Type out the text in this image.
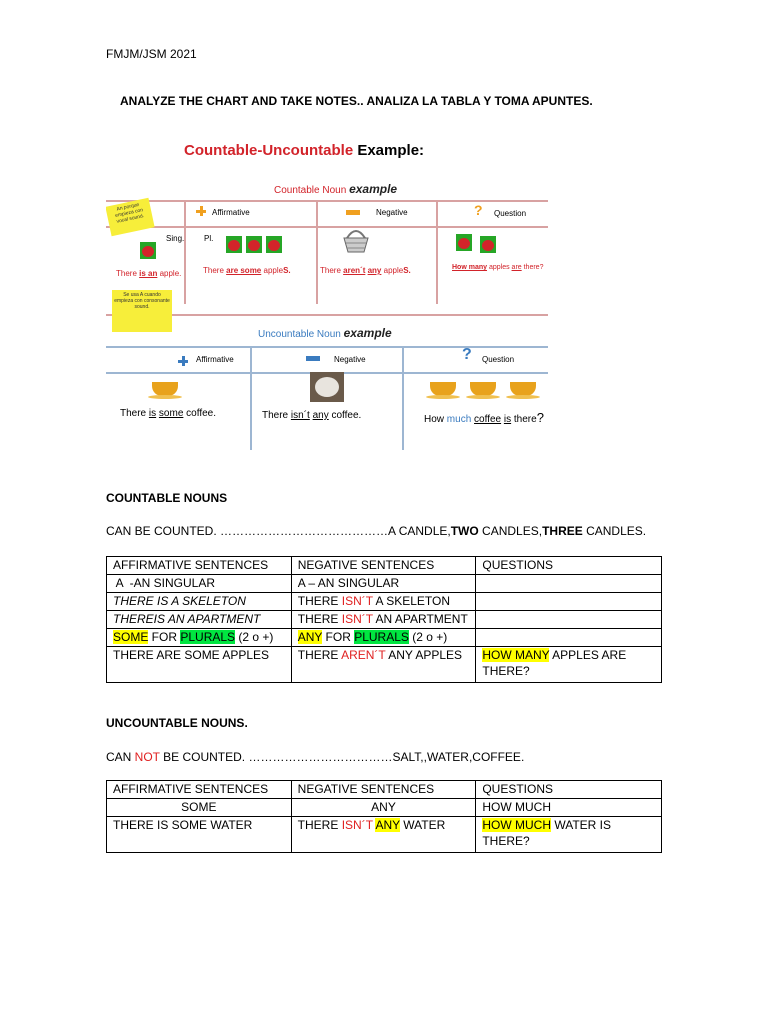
FMJM/JSM 2021
ANALYZE THE CHART AND TAKE NOTES.. ANALIZA LA TABLA Y TOMA APUNTES.
Countable-Uncountable Example:
Countable Noun example
Affirmative	Negative	? Question
Sing. Pl.
An porque empieza con vocal sound.
Se usa A cuando empieza con consonante sound.
There is an apple.	There are some appleS.	There aren´t any appleS.	How many apples are there?
Uncountable Noun example
Affirmative	Negative	? Question
There is some coffee.	There isn´t any coffee.	How much coffee is there?
COUNTABLE NOUNS
CAN BE COUNTED. ……………………………………A CANDLE,TWO CANDLES,THREE CANDLES.
AFFIRMATIVE SENTENCES	NEGATIVE SENTENCES	QUESTIONS
A  -AN SINGULAR	A – AN SINGULAR	
THERE IS A SKELETON	THERE ISN´T A SKELETON	
THEREIS AN APARTMENT	THERE ISN´T AN APARTMENT	
SOME FOR PLURALS (2 o +)	ANY FOR PLURALS (2 o +)	
THERE ARE SOME APPLES	THERE AREN´T ANY APPLES	HOW MANY APPLES ARE
THERE?
UNCOUNTABLE NOUNS.
CAN NOT BE COUNTED. ………………………………SALT,,WATER,COFFEE.
AFFIRMATIVE SENTENCES	NEGATIVE SENTENCES	QUESTIONS
SOME	ANY	HOW MUCH
THERE IS SOME WATER	THERE ISN´T ANY WATER	HOW MUCH WATER IS
THERE?
